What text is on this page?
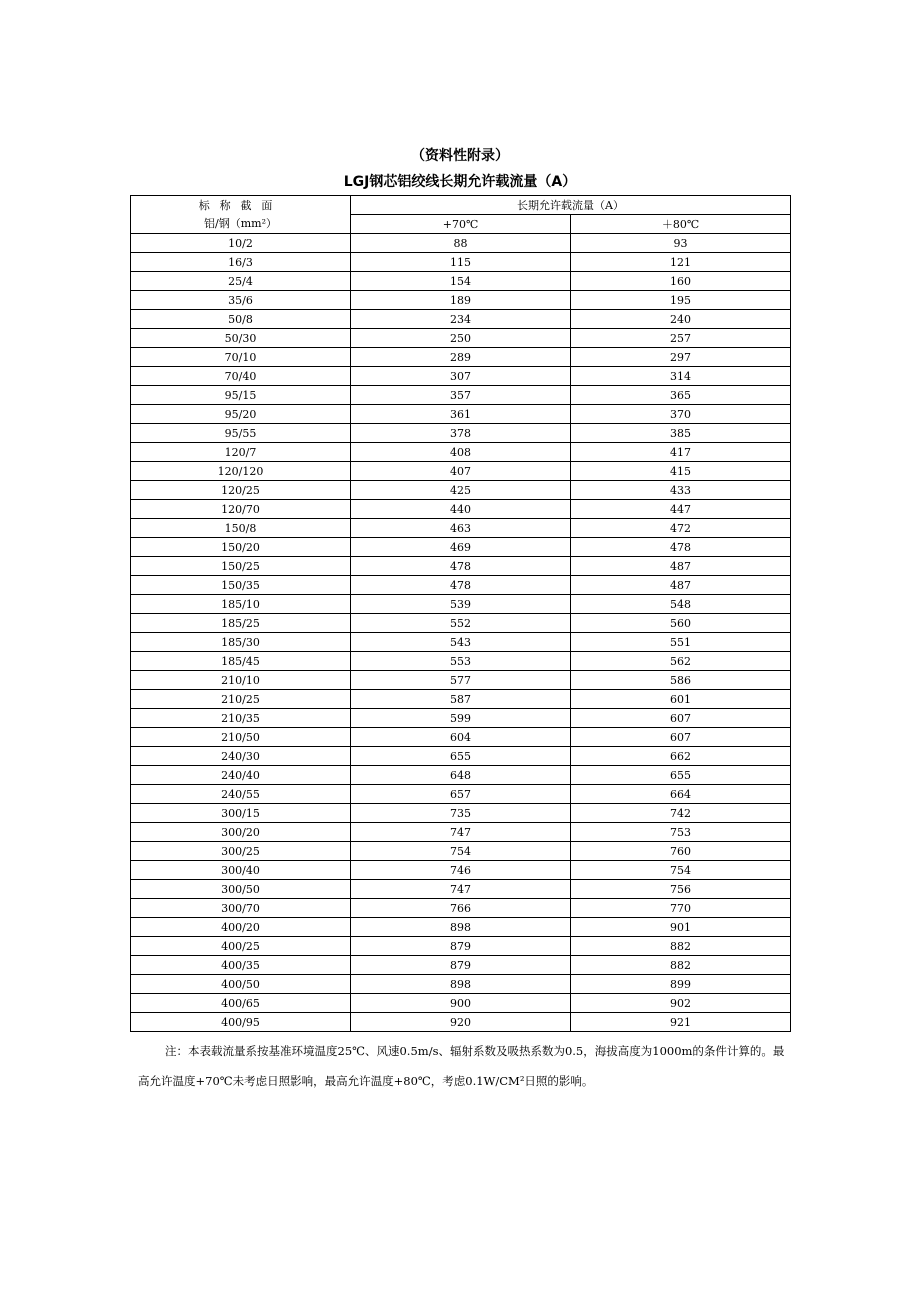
（资料性附录）
LGJ钢芯铝绞线长期允许载流量（A）
标称截面
铝/钢（mm²）	长期允许载流量（A）	
	+70℃	＋80℃
10/2	88	93
16/3	115	121
25/4	154	160
35/6	189	195
50/8	234	240
50/30	250	257
70/10	289	297
70/40	307	314
95/15	357	365
95/20	361	370
95/55	378	385
120/7	408	417
120/120	407	415
120/25	425	433
120/70	440	447
150/8	463	472
150/20	469	478
150/25	478	487
150/35	478	487
185/10	539	548
185/25	552	560
185/30	543	551
185/45	553	562
210/10	577	586
210/25	587	601
210/35	599	607
210/50	604	607
240/30	655	662
240/40	648	655
240/55	657	664
300/15	735	742
300/20	747	753
300/25	754	760
300/40	746	754
300/50	747	756
300/70	766	770
400/20	898	901
400/25	879	882
400/35	879	882
400/50	898	899
400/65	900	902
400/95	920	921
注：本表载流量系按基准环境温度25℃、风速0.5m/s、辐射系数及吸热系数为0.5，海拔高度为1000m的条件计算的。最高允许温度+70℃未考虑日照影响，最高允许温度+80℃，考虑0.1W/CM²日照的影响。
